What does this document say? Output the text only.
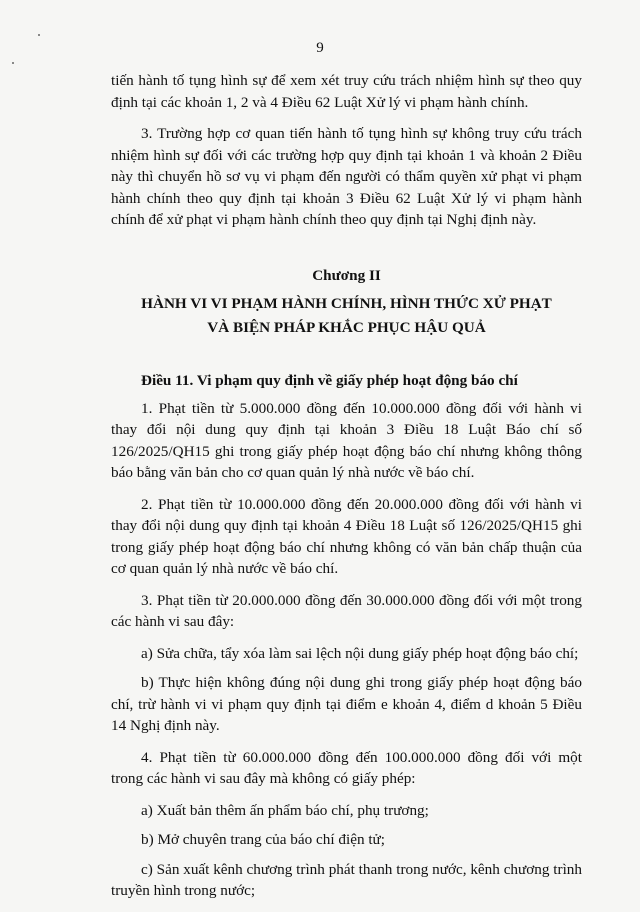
9

tiến hành tố tụng hình sự để xem xét truy cứu trách nhiệm hình sự theo quy định tại các khoản 1, 2 và 4 Điều 62 Luật Xử lý vi phạm hành chính.

3. Trường hợp cơ quan tiến hành tố tụng hình sự không truy cứu trách nhiệm hình sự đối với các trường hợp quy định tại khoản 1 và khoản 2 Điều này thì chuyển hồ sơ vụ vi phạm đến người có thẩm quyền xử phạt vi phạm hành chính theo quy định tại khoản 3 Điều 62 Luật Xử lý vi phạm hành chính để xử phạt vi phạm hành chính theo quy định tại Nghị định này.

Chương II
HÀNH VI VI PHẠM HÀNH CHÍNH, HÌNH THỨC XỬ PHẠT
VÀ BIỆN PHÁP KHẮC PHỤC HẬU QUẢ
Điều 11. Vi phạm quy định về giấy phép hoạt động báo chí

1. Phạt tiền từ 5.000.000 đồng đến 10.000.000 đồng đối với hành vi thay đổi nội dung quy định tại khoản 3 Điều 18 Luật Báo chí số 126/2025/QH15 ghi trong giấy phép hoạt động báo chí nhưng không thông báo bằng văn bản cho cơ quan quản lý nhà nước về báo chí.

2. Phạt tiền từ 10.000.000 đồng đến 20.000.000 đồng đối với hành vi thay đổi nội dung quy định tại khoản 4 Điều 18 Luật số 126/2025/QH15 ghi trong giấy phép hoạt động báo chí nhưng không có văn bản chấp thuận của cơ quan quản lý nhà nước về báo chí.

3. Phạt tiền từ 20.000.000 đồng đến 30.000.000 đồng đối với một trong các hành vi sau đây:

a) Sửa chữa, tẩy xóa làm sai lệch nội dung giấy phép hoạt động báo chí;

b) Thực hiện không đúng nội dung ghi trong giấy phép hoạt động báo chí, trừ hành vi vi phạm quy định tại điểm e khoản 4, điểm d khoản 5 Điều 14 Nghị định này.

4. Phạt tiền từ 60.000.000 đồng đến 100.000.000 đồng đối với một trong các hành vi sau đây mà không có giấy phép:

a) Xuất bản thêm ấn phẩm báo chí, phụ trương;

b) Mở chuyên trang của báo chí điện tử;

c) Sản xuất kênh chương trình phát thanh trong nước, kênh chương trình truyền hình trong nước;
